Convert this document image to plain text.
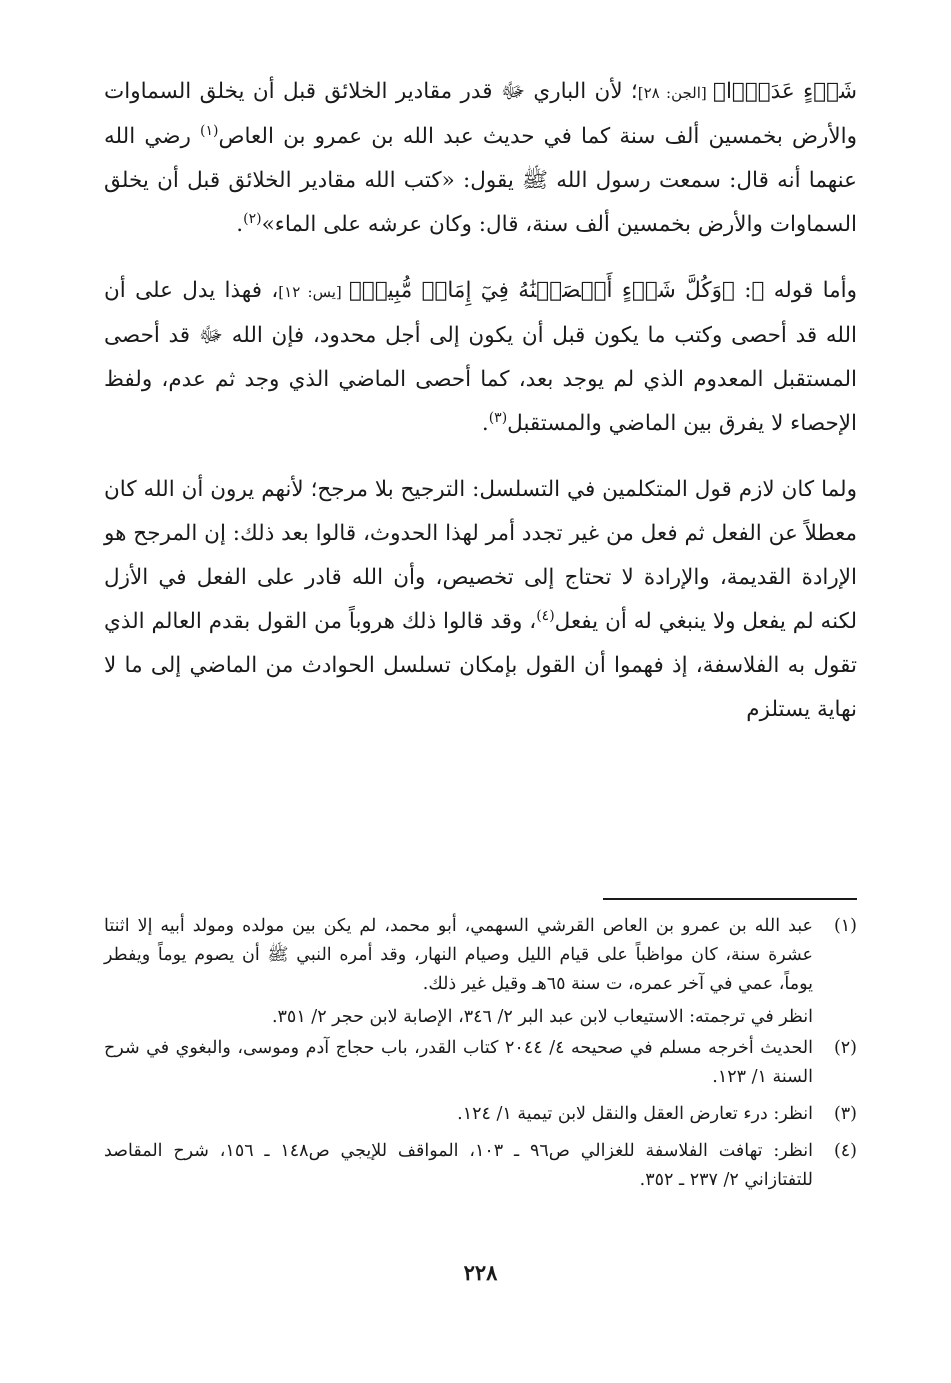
شَيۡءٍ عَدَدَۢا﴾ [الجن: ٢٨]؛ لأن الباري ﷻ قدر مقادير الخلائق قبل أن يخلق السماوات والأرض بخمسين ألف سنة كما في حديث عبد الله بن عمرو بن العاص$^{(١)}$ رضي الله عنهما أنه قال: سمعت رسول الله ﷺ يقول: «كتب الله مقادير الخلائق قبل أن يخلق السماوات والأرض بخمسين ألف سنة، قال: وكان عرشه على الماء»$^{(٢)}$.

وأما قوله ﷻ: ﴿وَكُلَّ شَيۡءٍ أَحۡصَيۡنَٰهُ فِيٓ إِمَامٖ مُّبِينٖ﴾ [يس: ١٢]، فهذا يدل على أن الله قد أحصى وكتب ما يكون قبل أن يكون إلى أجل محدود، فإن الله ﷻ قد أحصى المستقبل المعدوم الذي لم يوجد بعد، كما أحصى الماضي الذي وجد ثم عدم، ولفظ الإحصاء لا يفرق بين الماضي والمستقبل$^{(٣)}$.

ولما كان لازم قول المتكلمين في التسلسل: الترجيح بلا مرجح؛ لأنهم يرون أن الله كان معطلاً عن الفعل ثم فعل من غير تجدد أمر لهذا الحدوث، قالوا بعد ذلك: إن المرجح هو الإرادة القديمة، والإرادة لا تحتاج إلى تخصيص، وأن الله قادر على الفعل في الأزل لكنه لم يفعل ولا ينبغي له أن يفعل$^{(٤)}$، وقد قالوا ذلك هروباً من القول بقدم العالم الذي تقول به الفلاسفة، إذ فهموا أن القول بإمكان تسلسل الحوادث من الماضي إلى ما لا نهاية يستلزم

(١)
عبد الله بن عمرو بن العاص القرشي السهمي، أبو محمد، لم يكن بين مولده ومولد أبيه إلا اثنتا عشرة سنة، كان مواظباً على قيام الليل وصيام النهار، وقد أمره النبي ﷺ أن يصوم يوماً ويفطر يوماً، عمي في آخر عمره، ت سنة ٦٥هـ وقيل غير ذلك.
انظر في ترجمته: الاستيعاب لابن عبد البر ٢/ ٣٤٦، الإصابة لابن حجر ٢/ ٣٥١.

(٢)
الحديث أخرجه مسلم في صحيحه ٤/ ٢٠٤٤ كتاب القدر، باب حجاج آدم وموسى، والبغوي في شرح السنة ١/ ١٢٣.

(٣)
انظر: درء تعارض العقل والنقل لابن تيمية ١/ ١٢٤.

(٤)
انظر: تهافت الفلاسفة للغزالي ص٩٦ ـ ١٠٣، المواقف للإيجي ص١٤٨ ـ ١٥٦، شرح المقاصد للتفتازاني ٢/ ٢٣٧ ـ ٣٥٢.

٢٢٨
